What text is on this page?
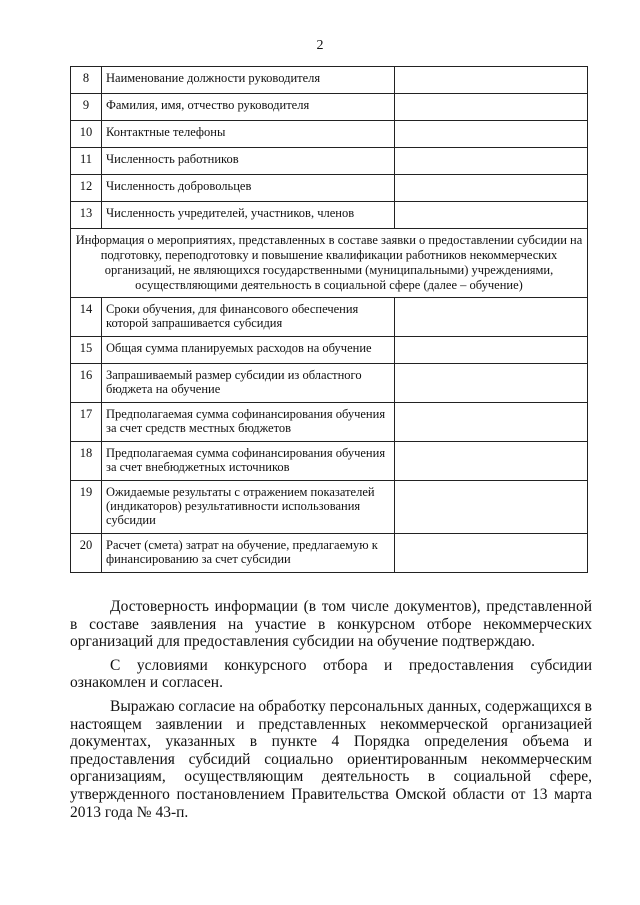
2
8	Наименование должности руководителя	
9	Фамилия, имя, отчество руководителя	
10	Контактные телефоны	
11	Численность работников	
12	Численность добровольцев	
13	Численность учредителей, участников, членов	
Информация о мероприятиях, представленных в составе заявки о предоставлении субсидии на подготовку, переподготовку и повышение квалификации работников некоммерческих организаций, не являющихся государственными (муниципальными) учреждениями, осуществляющими деятельность в социальной сфере (далее – обучение)		
14	Сроки обучения, для финансового обеспечения которой запрашивается субсидия	
15	Общая сумма планируемых расходов на обучение	
16	Запрашиваемый размер субсидии из областного бюджета на обучение	
17	Предполагаемая сумма софинансирования обучения за счет средств местных бюджетов	
18	Предполагаемая сумма софинансирования обучения за счет внебюджетных источников	
19	Ожидаемые результаты с отражением показателей (индикаторов) результативности использования субсидии	
20	Расчет (смета) затрат на обучение, предлагаемую к финансированию за счет субсидии	

Достоверность информации (в том числе документов), представленной в составе заявления на участие в конкурсном отборе некоммерческих организаций для предоставления субсидии на обучение подтверждаю.

С условиями конкурсного отбора и предоставления субсидии ознакомлен и согласен.

Выражаю согласие на обработку персональных данных, содержащихся в настоящем заявлении и представленных некоммерческой организацией документах, указанных в пункте 4 Порядка определения объема и предоставления субсидий социально ориентированным некоммерческим организациям, осуществляющим деятельность в социальной сфере, утвержденного постановлением Правительства Омской области от 13 марта 2013 года № 43-п.
